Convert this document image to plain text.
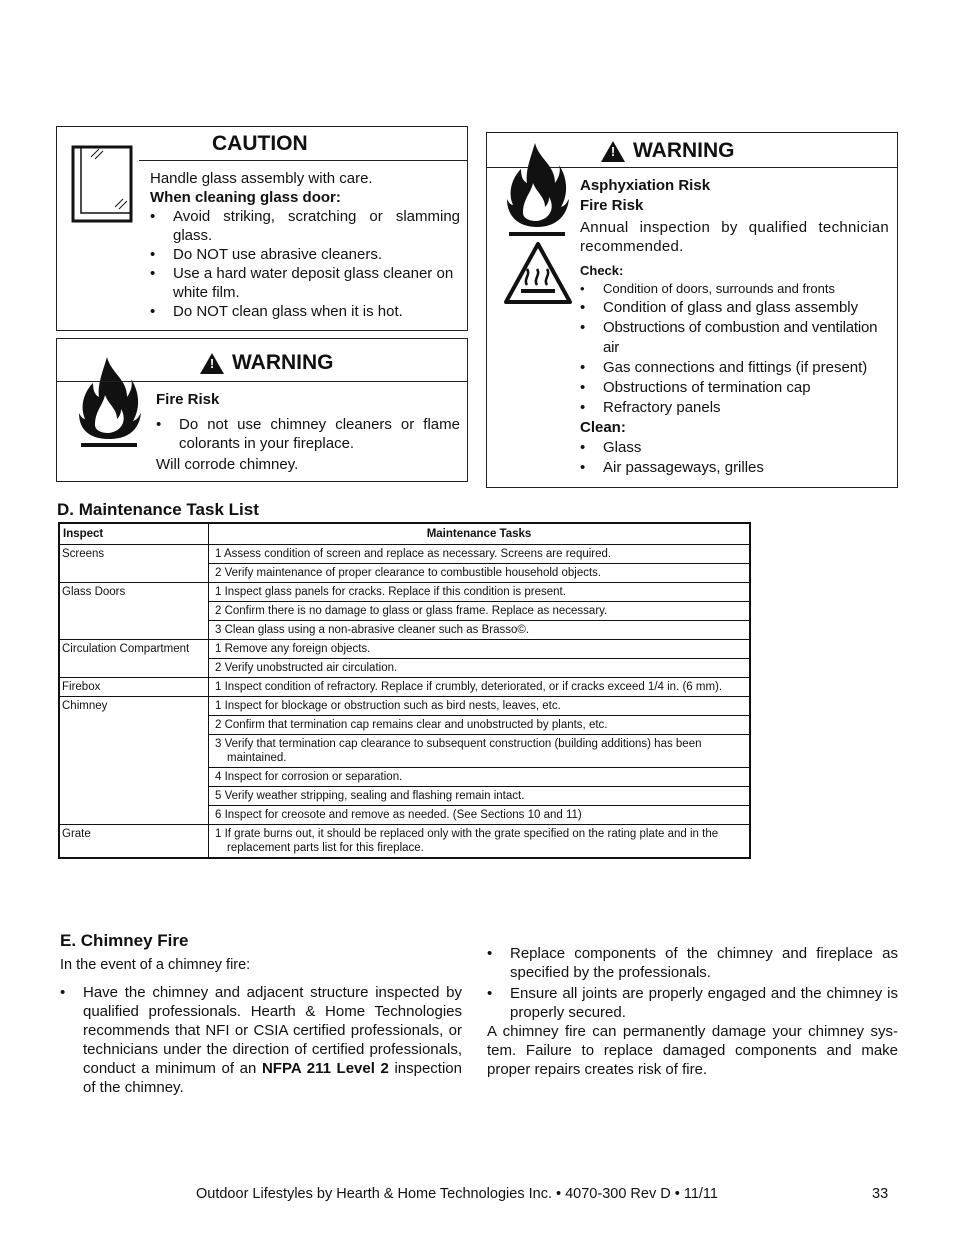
CAUTION
Handle glass assembly with care.
When cleaning glass door:
• Avoid striking, scratching or slamming glass.
• Do NOT use abrasive cleaners.
• Use a hard water deposit glass cleaner on white film.
• Do NOT clean glass when it is hot.
! WARNING
Fire Risk
• Do not use chimney cleaners or flame colorants in your fireplace.
Will corrode chimney.
! WARNING
Asphyxiation Risk
Fire Risk
Annual inspection by qualified technician recommended.
Check:
• Condition of doors, surrounds and fronts
• Condition of glass and glass assembly
• Obstructions of combustion and ventilation air
• Gas connections and fittings (if present)
• Obstructions of termination cap
• Refractory panels
Clean:
• Glass
• Air passageways, grilles
D. Maintenance Task List
Inspect	Maintenance Tasks
Screens	1 Assess condition of screen and replace as necessary. Screens are required.
	2 Verify maintenance of proper clearance to combustible household objects.
Glass Doors	1 Inspect glass panels for cracks. Replace if this condition is present.
	2 Confirm there is no damage to glass or glass frame. Replace as necessary.
	3 Clean glass using a non-abrasive cleaner such as Brasso©.
Circulation Compartment	1 Remove any foreign objects.
	2 Verify unobstructed air circulation.
Firebox	1 Inspect condition of refractory. Replace if crumbly, deteriorated, or if cracks exceed 1/4 in. (6 mm).
Chimney	1 Inspect for blockage or obstruction such as bird nests, leaves, etc.
	2 Confirm that termination cap remains clear and unobstructed by plants, etc.
	3 Verify that termination cap clearance to subsequent construction (building additions) has been maintained.
	4 Inspect for corrosion or separation.
	5 Verify weather stripping, sealing and flashing remain intact.
	6 Inspect for creosote and remove as needed. (See Sections 10 and 11)
Grate	1 If grate burns out, it should be replaced only with the grate specified on the rating plate and in the replacement parts list for this fireplace.
E. Chimney Fire
In the event of a chimney fire:
• Have the chimney and adjacent structure inspected by qualified professionals. Hearth & Home Technologies recommends that NFI or CSIA certified professionals, or technicians under the direction of certified professionals, conduct a minimum of an NFPA 211 Level 2 inspection of the chimney.
• Replace components of the chimney and fireplace as specified by the professionals.
• Ensure all joints are properly engaged and the chimney is properly secured.
A chimney fire can permanently damage your chimney sys-tem. Failure to replace damaged components and make proper repairs creates risk of fire.
Outdoor Lifestyles by Hearth & Home Technologies Inc. • 4070-300 Rev D • 11/11	33
